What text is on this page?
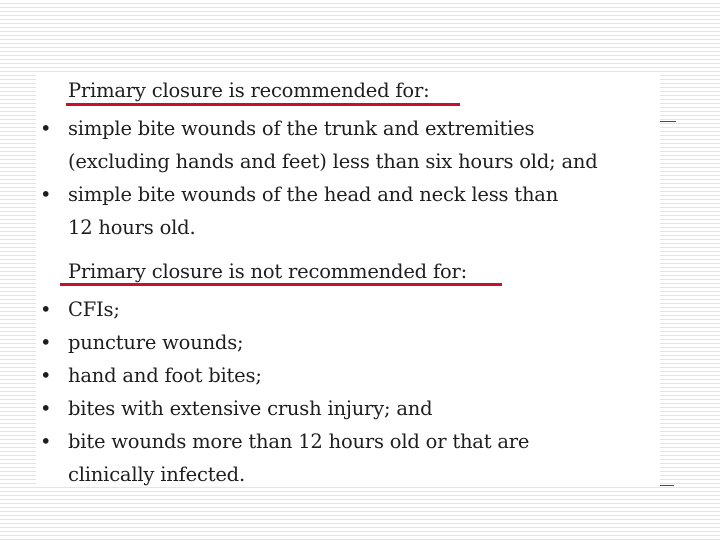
Primary closure is recommended for:
• simple bite wounds of the trunk and extremities
(excluding hands and feet) less than six hours old; and
• simple bite wounds of the head and neck less than
12 hours old.
Primary closure is not recommended for:
• CFIs;
• puncture wounds;
• hand and foot bites;
• bites with extensive crush injury; and
• bite wounds more than 12 hours old or that are
clinically infected.
